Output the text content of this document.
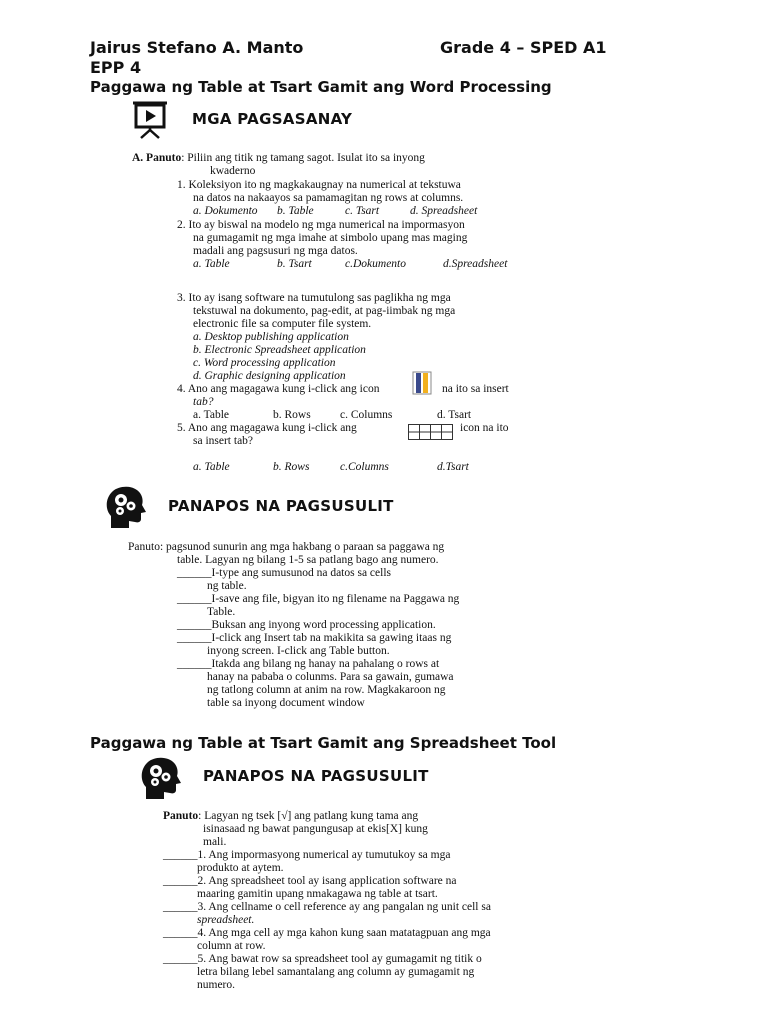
Jairus Stefano A. Manto	Grade 4 – SPED A1
EPP 4
Paggawa ng Table at Tsart Gamit ang Word Processing
MGA PAGSASANAY
A. Panuto: Piliin ang titik ng tamang sagot. Isulat ito sa inyong
kwaderno
1. Koleksiyon ito ng magkakaugnay na numerical at tekstuwa
na datos na nakaayos sa pamamagitan ng rows at columns.
a. Dokumento b. Table	c. Tsart	d. Spreadsheet
2. Ito ay biswal na modelo ng mga numerical na impormasyon
na gumagamit ng mga imahe at simbolo upang mas maging
madali ang pagsusuri ng mga datos.
a. Table	b. Tsart	c.Dokumento	d.Spreadsheet
3. Ito ay isang software na tumutulong sas paglikha ng mga
tekstuwal na dokumento, pag-edit, at pag-iimbak ng mga
electronic file sa computer file system.
a. Desktop publishing application
b. Electronic Spreadsheet application
c. Word processing application
d. Graphic designing application
4. Ano ang magagawa kung i-click ang icon	na ito sa insert
tab?
a. Table	b. Rows	c. Columns	d. Tsart
5. Ano ang magagawa kung i-click ang	icon na ito
sa insert tab?
a. Table	b. Rows	c.Columns	d.Tsart
PANAPOS NA PAGSUSULIT
Panuto: pagsunod sunurin ang mga hakbang o paraan sa paggawa ng
table. Lagyan ng bilang 1-5 sa patlang bago ang numero.
______I-type ang sumusunod na datos sa cells
ng table.
______I-save ang file, bigyan ito ng filename na Paggawa ng
Table.
______Buksan ang inyong word processing application.
______I-click ang Insert tab na makikita sa gawing itaas ng
inyong screen. I-click ang Table button.
______Itakda ang bilang ng hanay na pahalang o rows at
hanay na pababa o colunms. Para sa gawain, gumawa
ng tatlong column at anim na row. Magkakaroon ng
table sa inyong document window
Paggawa ng Table at Tsart Gamit ang Spreadsheet Tool
PANAPOS NA PAGSUSULIT
Panuto: Lagyan ng tsek [√] ang patlang kung tama ang
isinasaad ng bawat pangungusap at ekis[X] kung
mali.
______1. Ang impormasyong numerical ay tumutukoy sa mga
produkto at aytem.
______2. Ang spreadsheet tool ay isang application software na
maaring gamitin upang nmakagawa ng table at tsart.
______3. Ang cellname o cell reference ay ang pangalan ng unit cell sa
spreadsheet.
______4. Ang mga cell ay mga kahon kung saan matatagpuan ang mga
column at row.
______5. Ang bawat row sa spreadsheet tool ay gumagamit ng titik o
letra bilang lebel samantalang ang column ay gumagamit ng
numero.
